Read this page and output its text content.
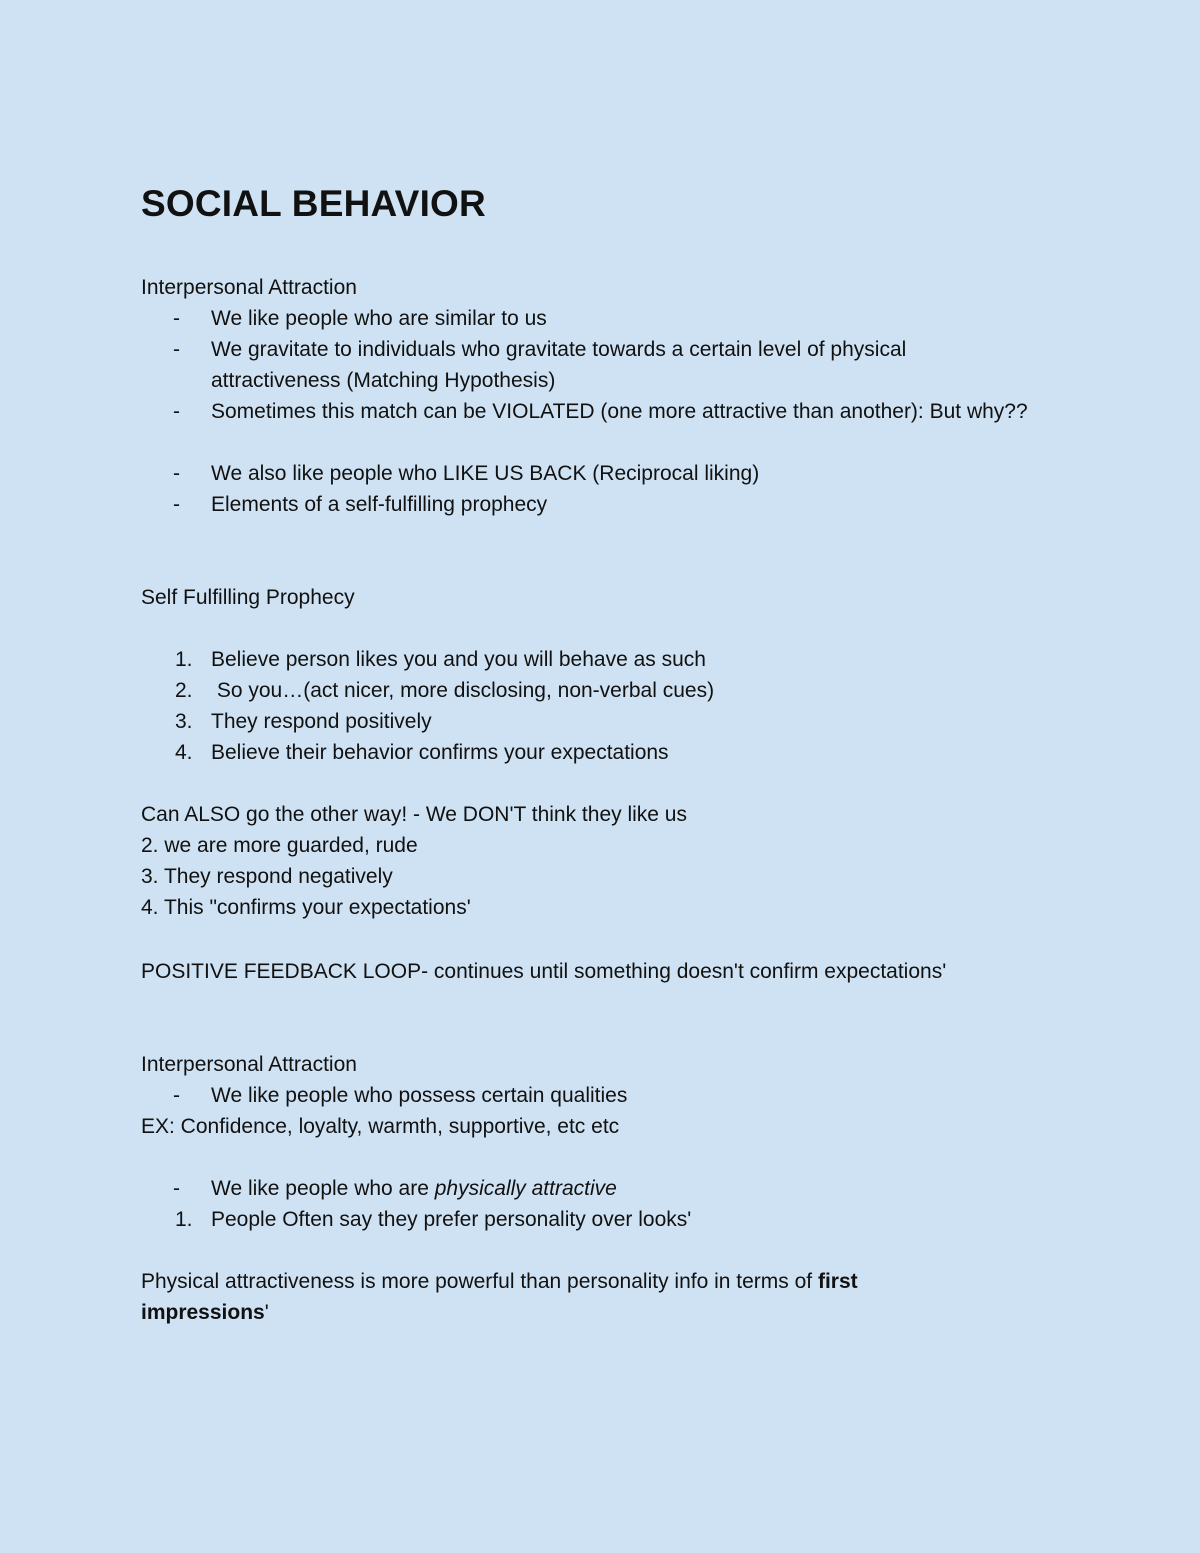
SOCIAL BEHAVIOR
Interpersonal Attraction
-	We like people who are similar to us
-	We gravitate to individuals who gravitate towards a certain level of physical attractiveness (Matching Hypothesis)
-	Sometimes this match can be VIOLATED (one more attractive than another): But why??
-	We also like people who LIKE US BACK (Reciprocal liking)
-	Elements of a self-fulfilling prophecy
Self Fulfilling Prophecy
1. Believe person likes you and you will behave as such
2. So you…(act nicer, more disclosing, non-verbal cues)
3. They respond positively
4. Believe their behavior confirms your expectations
Can ALSO go the other way! - We DON'T think they like us
2. we are more guarded, rude
3. They respond negatively
4. This "confirms your expectations'
POSITIVE FEEDBACK LOOP- continues until something doesn't confirm expectations'
Interpersonal Attraction
-	We like people who possess certain qualities
EX: Confidence, loyalty, warmth, supportive, etc etc
-	We like people who are physically attractive
1. People Often say they prefer personality over looks'
Physical attractiveness is more powerful than personality info in terms of first
impressions'
